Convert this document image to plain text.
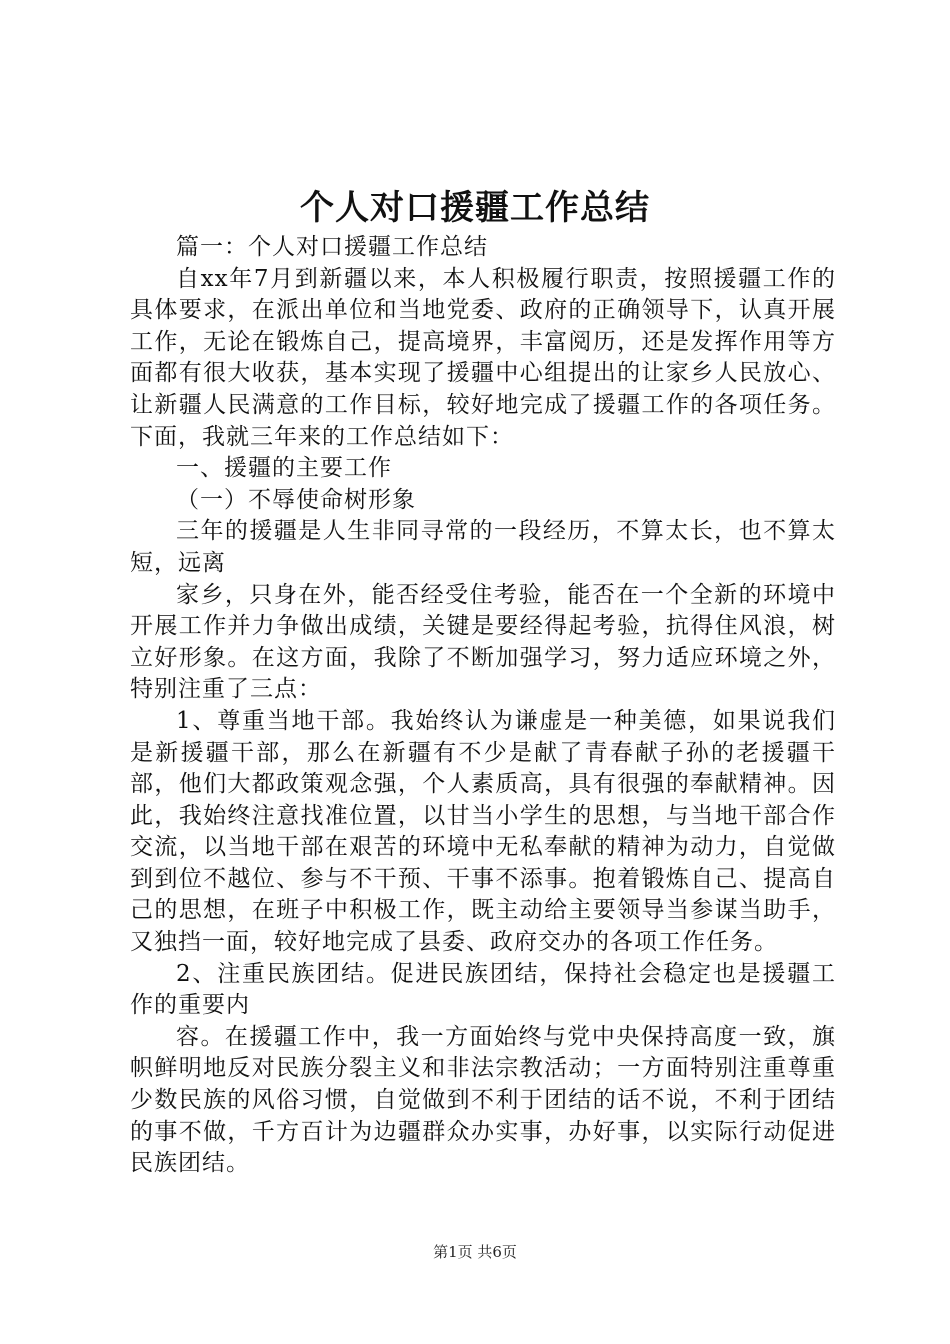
个人对口援疆工作总结

篇一：个人对口援疆工作总结

自xx年7月到新疆以来，本人积极履行职责，按照援疆工作的具体要求，在派出单位和当地党委、政府的正确领导下，认真开展工作，无论在锻炼自己，提高境界，丰富阅历，还是发挥作用等方面都有很大收获，基本实现了援疆中心组提出的让家乡人民放心、让新疆人民满意的工作目标，较好地完成了援疆工作的各项任务。下面，我就三年来的工作总结如下：

一、援疆的主要工作

（一）不辱使命树形象

三年的援疆是人生非同寻常的一段经历，不算太长，也不算太短，远离

家乡，只身在外，能否经受住考验，能否在一个全新的环境中开展工作并力争做出成绩，关键是要经得起考验，抗得住风浪，树立好形象。在这方面，我除了不断加强学习，努力适应环境之外，特别注重了三点：

1、尊重当地干部。我始终认为谦虚是一种美德，如果说我们是新援疆干部，那么在新疆有不少是献了青春献子孙的老援疆干部，他们大都政策观念强，个人素质高，具有很强的奉献精神。因此，我始终注意找准位置，以甘当小学生的思想，与当地干部合作交流，以当地干部在艰苦的环境中无私奉献的精神为动力，自觉做到到位不越位、参与不干预、干事不添事。抱着锻炼自己、提高自己的思想，在班子中积极工作，既主动给主要领导当参谋当助手，又独挡一面，较好地完成了县委、政府交办的各项工作任务。

2、注重民族团结。促进民族团结，保持社会稳定也是援疆工作的重要内

容。在援疆工作中，我一方面始终与党中央保持高度一致，旗帜鲜明地反对民族分裂主义和非法宗教活动；一方面特别注重尊重少数民族的风俗习惯，自觉做到不利于团结的话不说，不利于团结的事不做，千方百计为边疆群众办实事，办好事，以实际行动促进民族团结。

第1页 共6页
